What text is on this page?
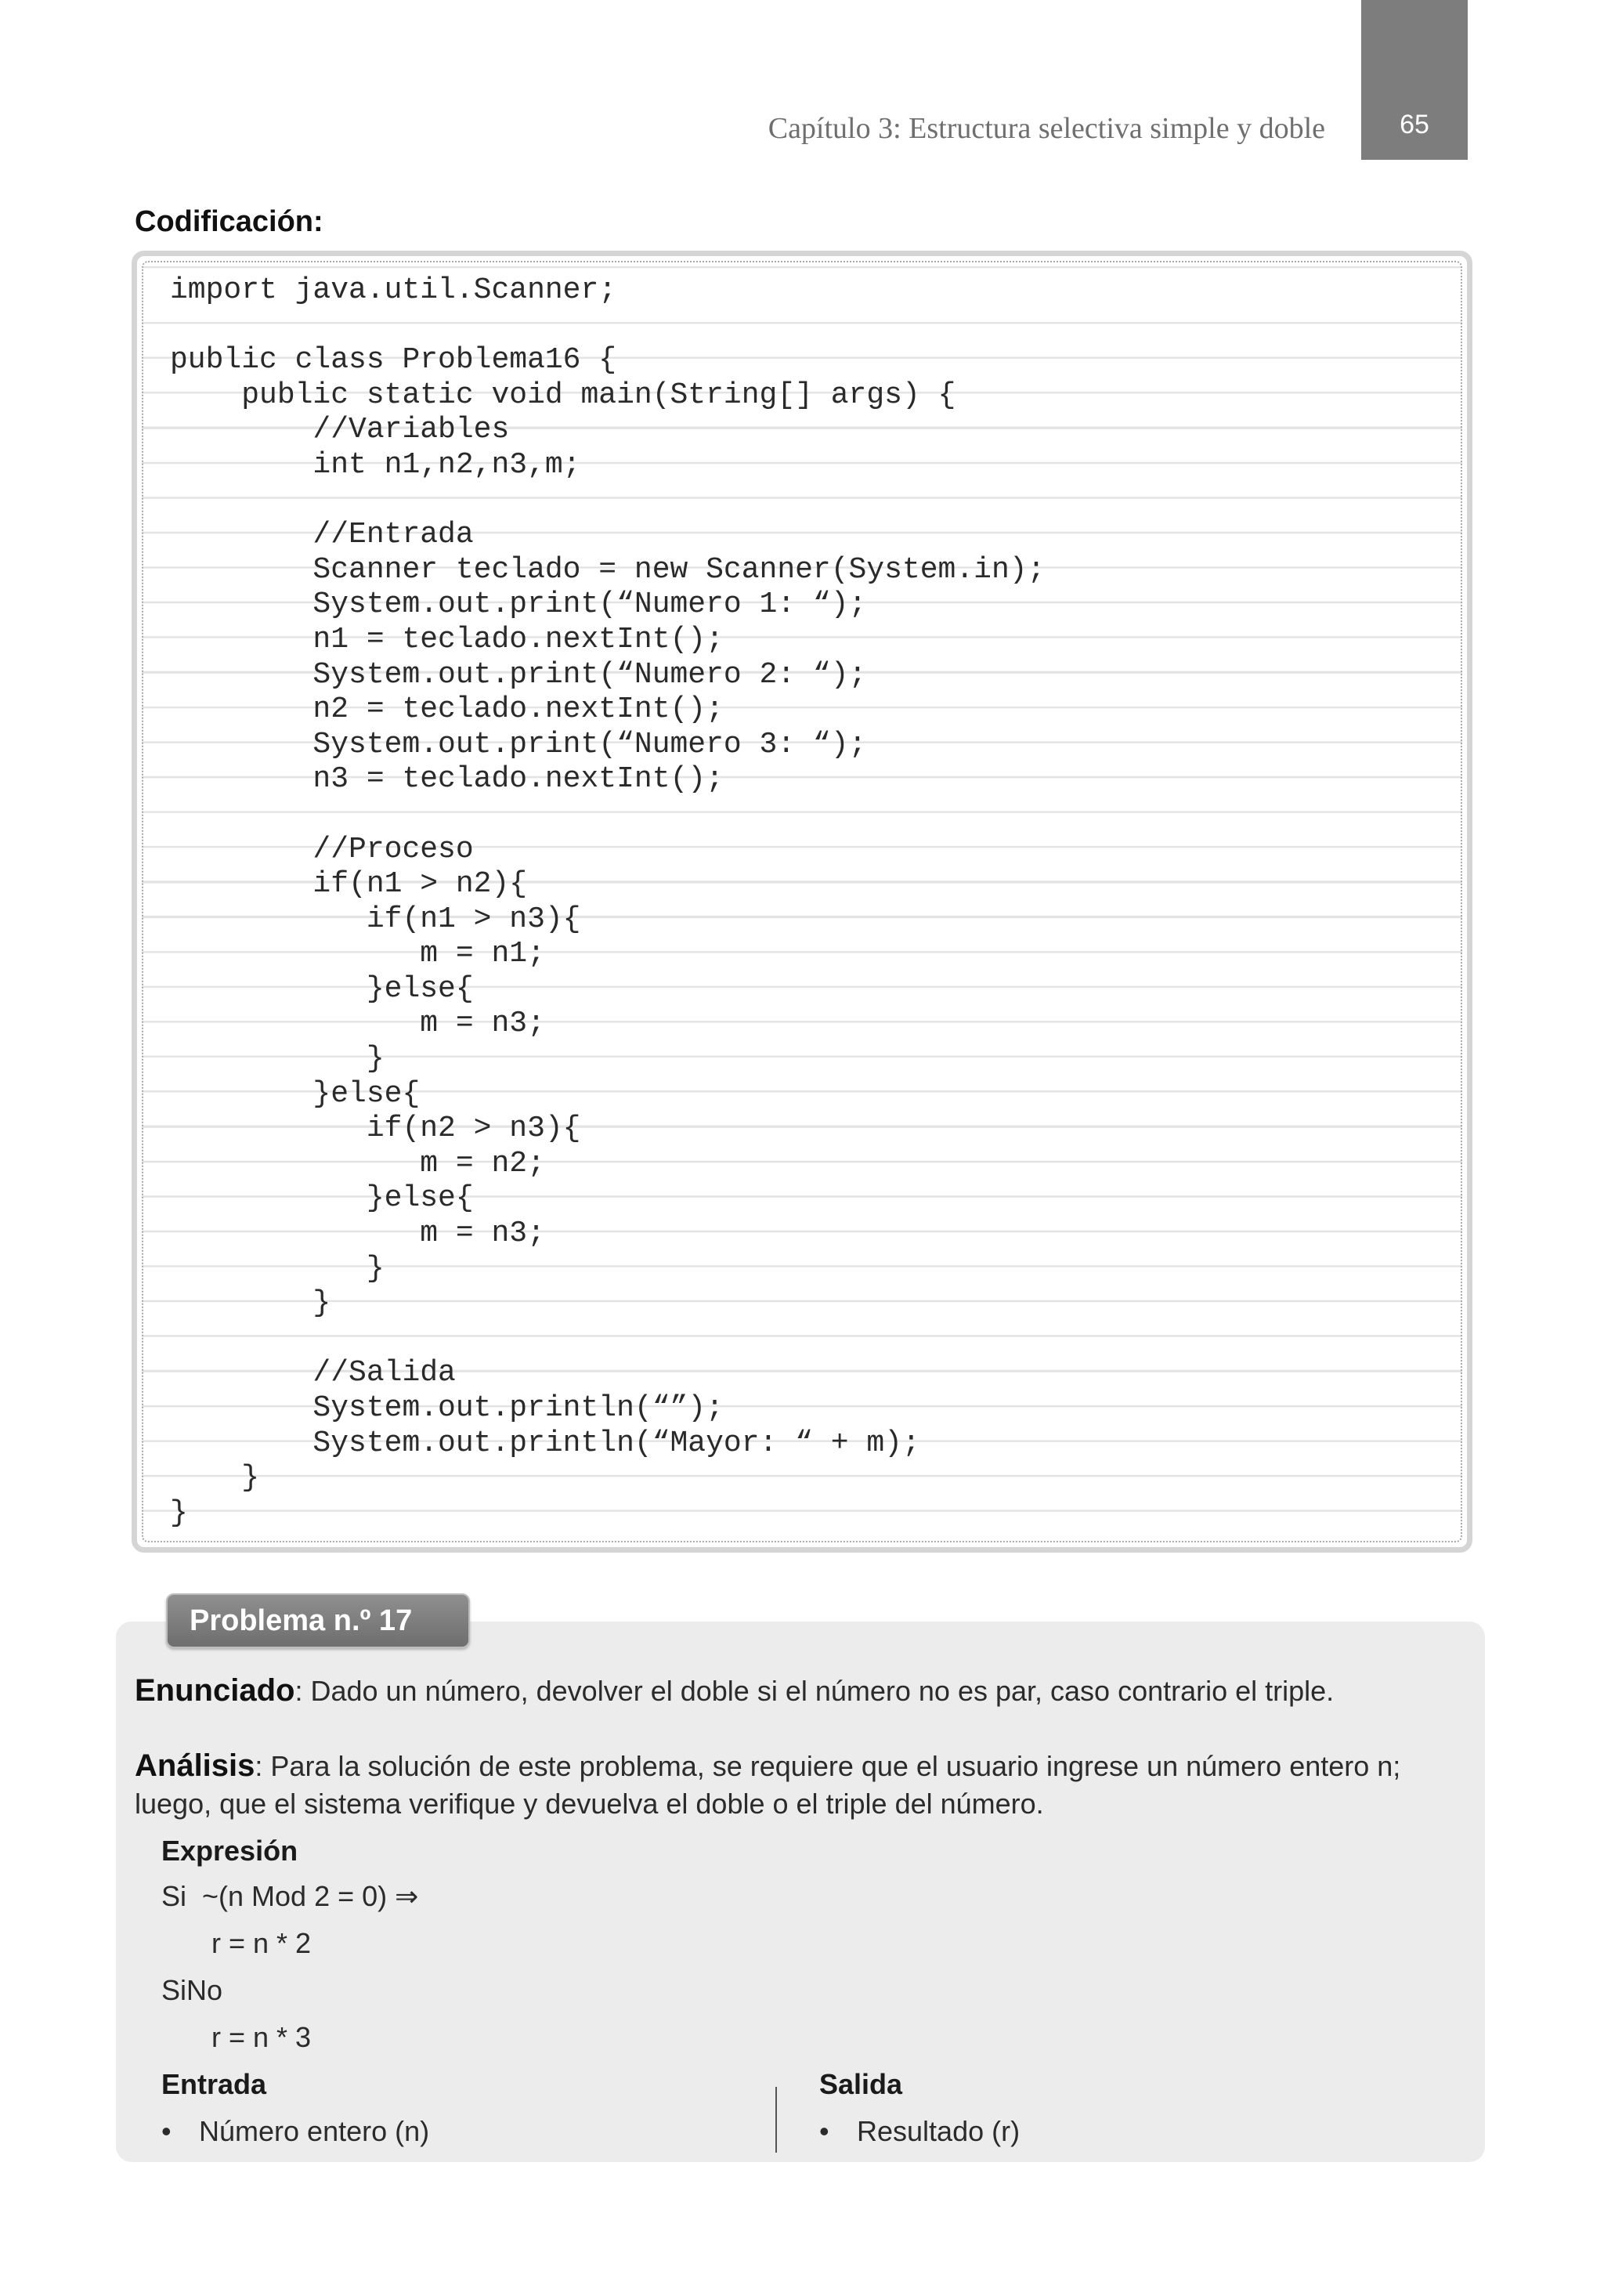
65
Capítulo 3: Estructura selectiva simple y doble
Codificación:
import java.util.Scanner;

public class Problema16 {
public static void main(String[] args) {
//Variables
int n1,n2,n3,m;

//Entrada
Scanner teclado = new Scanner(System.in);
System.out.print(“Numero 1: “);
n1 = teclado.nextInt();
System.out.print(“Numero 2: “);
n2 = teclado.nextInt();
System.out.print(“Numero 3: “);
n3 = teclado.nextInt();

//Proceso
if(n1 > n2){
if(n1 > n3){
m = n1;
}else{
m = n3;
}
}else{
if(n2 > n3){
m = n2;
}else{
m = n3;
}
}

//Salida
System.out.println(“”);
System.out.println(“Mayor: “ + m);
}
}
Problema n.º 17
Enunciado: Dado un número, devolver el doble si el número no es par, caso contrario el triple.
Análisis: Para la solución de este problema, se requiere que el usuario ingrese un número entero n; luego, que el sistema verifique y devuelva el doble o el triple del número.
Expresión
Si  ~(n Mod 2 = 0) ⇒
r = n * 2
SiNo
r = n * 3
Entrada
• Número entero (n)
Salida
• Resultado (r)
